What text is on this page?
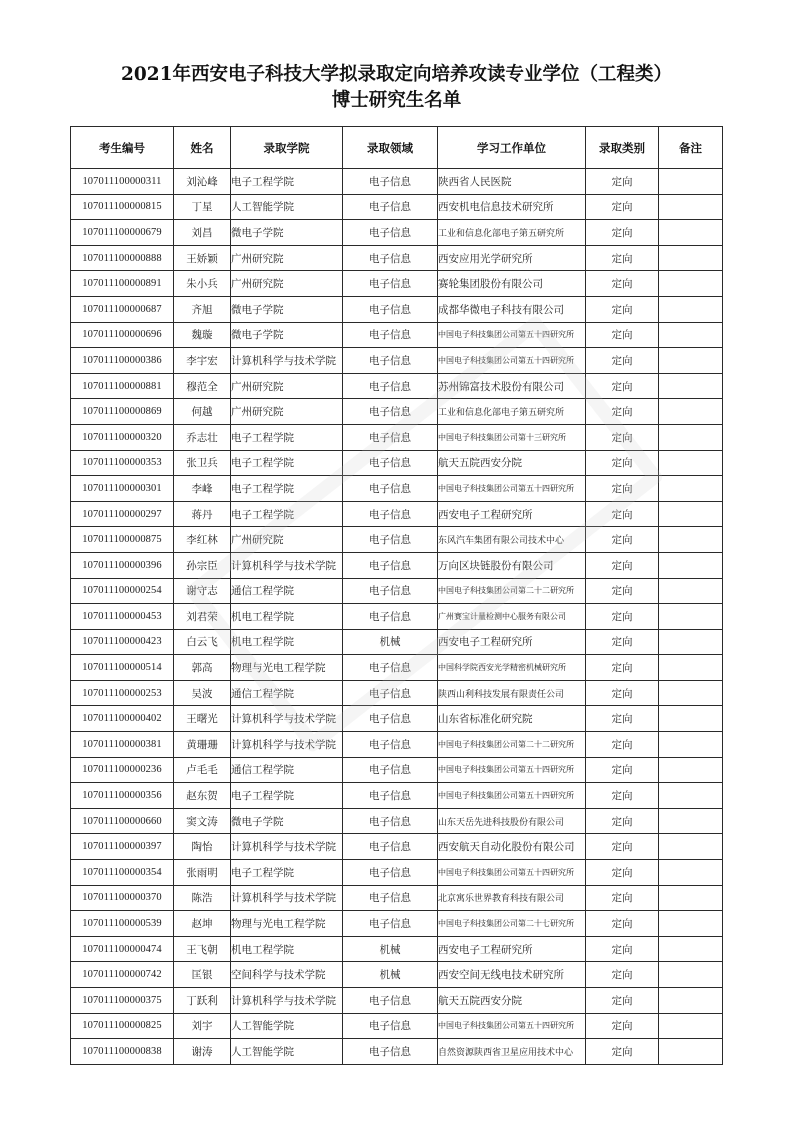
2021年西安电子科技大学拟录取定向培养攻读专业学位（工程类）
博士研究生名单
考生编号	姓名	录取学院	录取领域	学习工作单位	录取类别	备注
107011100000311	刘沁峰	电子工程学院	电子信息	陕西省人民医院	定向	
107011100000815	丁星	人工智能学院	电子信息	西安机电信息技术研究所	定向	
107011100000679	刘昌	微电子学院	电子信息	工业和信息化部电子第五研究所	定向	
107011100000888	王娇颖	广州研究院	电子信息	西安应用光学研究所	定向	
107011100000891	朱小兵	广州研究院	电子信息	赛轮集团股份有限公司	定向	
107011100000687	齐旭	微电子学院	电子信息	成都华微电子科技有限公司	定向	
107011100000696	魏璇	微电子学院	电子信息	中国电子科技集团公司第五十四研究所	定向	
107011100000386	李宇宏	计算机科学与技术学院	电子信息	中国电子科技集团公司第五十四研究所	定向	
107011100000881	穆范全	广州研究院	电子信息	苏州锦富技术股份有限公司	定向	
107011100000869	何越	广州研究院	电子信息	工业和信息化部电子第五研究所	定向	
107011100000320	乔志壮	电子工程学院	电子信息	中国电子科技集团公司第十三研究所	定向	
107011100000353	张卫兵	电子工程学院	电子信息	航天五院西安分院	定向	
107011100000301	李峰	电子工程学院	电子信息	中国电子科技集团公司第五十四研究所	定向	
107011100000297	蒋丹	电子工程学院	电子信息	西安电子工程研究所	定向	
107011100000875	李红林	广州研究院	电子信息	东风汽车集团有限公司技术中心	定向	
107011100000396	孙宗臣	计算机科学与技术学院	电子信息	万向区块链股份有限公司	定向	
107011100000254	谢守志	通信工程学院	电子信息	中国电子科技集团公司第二十二研究所	定向	
107011100000453	刘君荣	机电工程学院	电子信息	广州赛宝计量检测中心服务有限公司	定向	
107011100000423	白云飞	机电工程学院	机械	西安电子工程研究所	定向	
107011100000514	郭高	物理与光电工程学院	电子信息	中国科学院西安光学精密机械研究所	定向	
107011100000253	吴波	通信工程学院	电子信息	陕西山利科技发展有限责任公司	定向	
107011100000402	王曙光	计算机科学与技术学院	电子信息	山东省标准化研究院	定向	
107011100000381	黄珊珊	计算机科学与技术学院	电子信息	中国电子科技集团公司第二十二研究所	定向	
107011100000236	卢毛毛	通信工程学院	电子信息	中国电子科技集团公司第五十四研究所	定向	
107011100000356	赵东贺	电子工程学院	电子信息	中国电子科技集团公司第五十四研究所	定向	
107011100000660	窦文涛	微电子学院	电子信息	山东天岳先进科技股份有限公司	定向	
107011100000397	陶怡	计算机科学与技术学院	电子信息	西安航天自动化股份有限公司	定向	
107011100000354	张雨明	电子工程学院	电子信息	中国电子科技集团公司第五十四研究所	定向	
107011100000370	陈浩	计算机科学与技术学院	电子信息	北京寓乐世界教育科技有限公司	定向	
107011100000539	赵坤	物理与光电工程学院	电子信息	中国电子科技集团公司第二十七研究所	定向	
107011100000474	王飞朝	机电工程学院	机械	西安电子工程研究所	定向	
107011100000742	匡银	空间科学与技术学院	机械	西安空间无线电技术研究所	定向	
107011100000375	丁跃利	计算机科学与技术学院	电子信息	航天五院西安分院	定向	
107011100000825	刘宇	人工智能学院	电子信息	中国电子科技集团公司第五十四研究所	定向	
107011100000838	谢涛	人工智能学院	电子信息	自然资源陕西省卫星应用技术中心	定向	
